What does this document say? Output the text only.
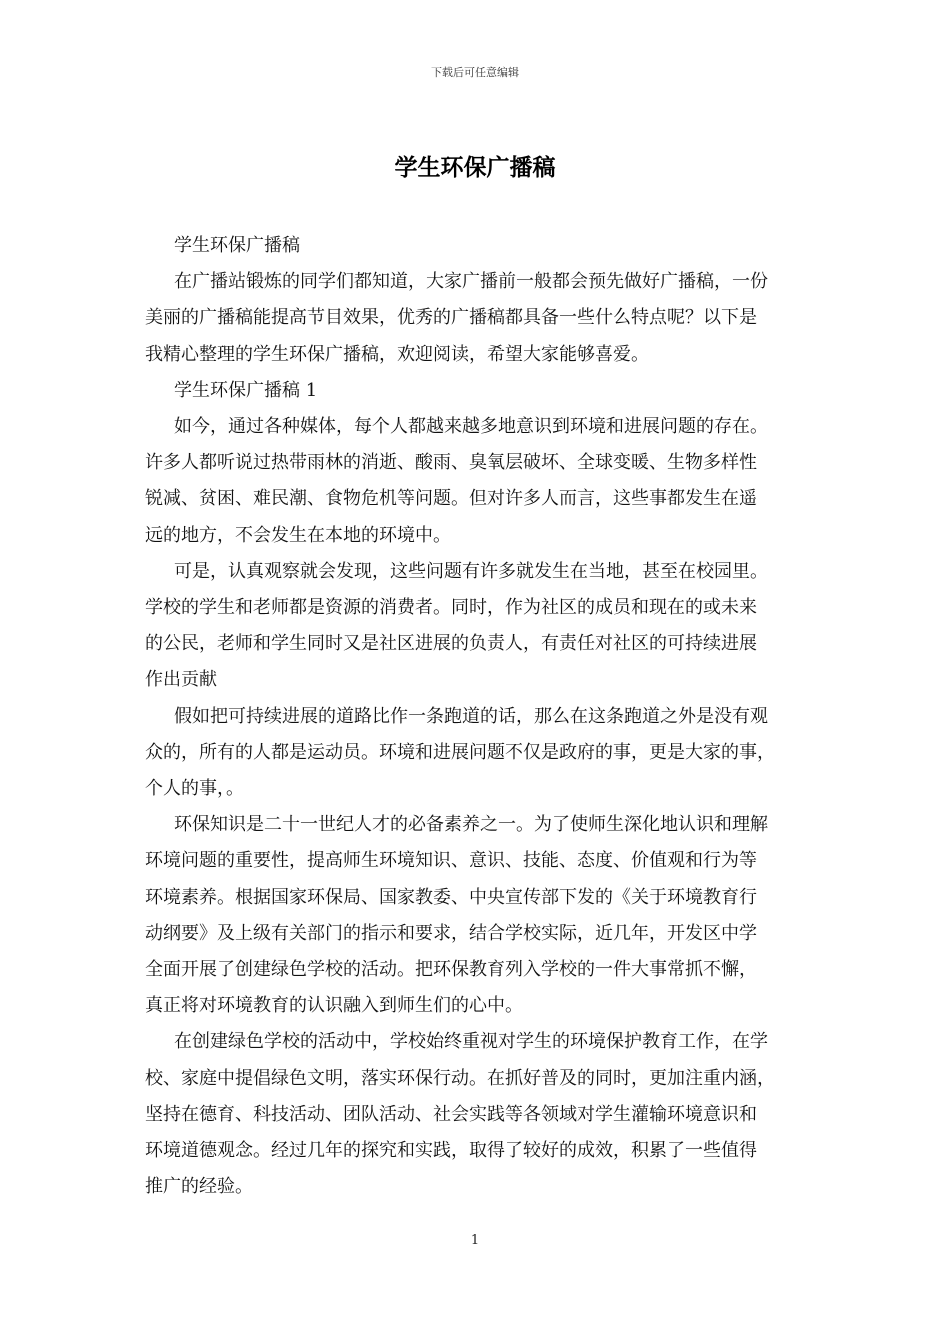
下载后可任意编辑
学生环保广播稿

学生环保广播稿

在广播站锻炼的同学们都知道，大家广播前一般都会预先做好广播稿，一份
美丽的广播稿能提高节目效果，优秀的广播稿都具备一些什么特点呢？以下是
我精心整理的学生环保广播稿，欢迎阅读，希望大家能够喜爱。

学生环保广播稿 1

如今，通过各种媒体，每个人都越来越多地意识到环境和进展问题的存在。
许多人都听说过热带雨林的消逝、酸雨、臭氧层破坏、全球变暖、生物多样性
锐减、贫困、难民潮、食物危机等问题。但对许多人而言，这些事都发生在遥
远的地方，不会发生在本地的环境中。

可是，认真观察就会发现，这些问题有许多就发生在当地，甚至在校园里。
学校的学生和老师都是资源的消费者。同时，作为社区的成员和现在的或未来
的公民，老师和学生同时又是社区进展的负责人，有责任对社区的可持续进展
作出贡献

假如把可持续进展的道路比作一条跑道的话，那么在这条跑道之外是没有观
众的，所有的人都是运动员。环境和进展问题不仅是政府的事，更是大家的事，
个人的事，。

环保知识是二十一世纪人才的必备素养之一。为了使师生深化地认识和理解
环境问题的重要性，提高师生环境知识、意识、技能、态度、价值观和行为等
环境素养。根据国家环保局、国家教委、中央宣传部下发的《关于环境教育行
动纲要》及上级有关部门的指示和要求，结合学校实际，近几年，开发区中学
全面开展了创建绿色学校的活动。把环保教育列入学校的一件大事常抓不懈，
真正将对环境教育的认识融入到师生们的心中。

在创建绿色学校的活动中，学校始终重视对学生的环境保护教育工作，在学
校、家庭中提倡绿色文明，落实环保行动。在抓好普及的同时，更加注重内涵，
坚持在德育、科技活动、团队活动、社会实践等各领域对学生灌输环境意识和
环境道德观念。经过几年的探究和实践，取得了较好的成效，积累了一些值得
推广的经验。

1
